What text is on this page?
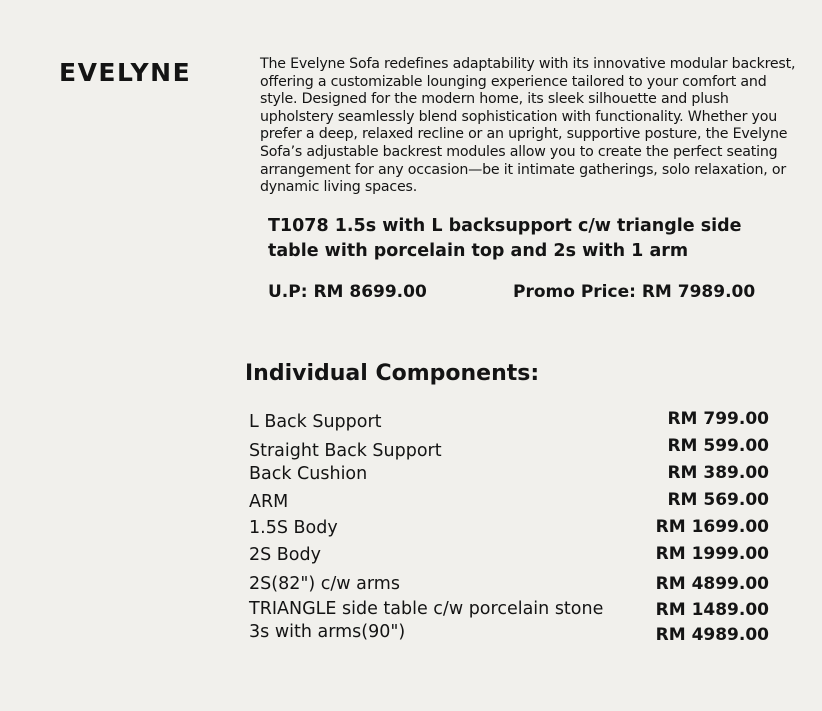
EVELYNE	The Evelyne Sofa redefines adaptability with its innovative modular backrest, offering a customizable lounging experience tailored to your comfort and style. Designed for the modern home, its sleek silhouette and plush upholstery seamlessly blend sophistication with functionality. Whether you prefer a deep, relaxed recline or an upright, supportive posture, the Evelyne Sofa’s adjustable backrest modules allow you to create the perfect seating arrangement for any occasion—be it intimate gatherings, solo relaxation, or dynamic living spaces.
T1078 1.5s with L backsupport c/w triangle side table with porcelain top and 2s with 1 arm
U.P: RM 8699.00	Promo Price: RM 7989.00
Individual Components:
L Back Support	RM 799.00
Straight Back Support	RM 599.00
Back Cushion	RM 389.00
ARM	RM 569.00
1.5S Body	RM 1699.00
2S Body	RM 1999.00
2S(82") c/w arms	RM 4899.00
TRIANGLE side table c/w porcelain stone	RM 1489.00
3s with arms(90")	RM 4989.00
